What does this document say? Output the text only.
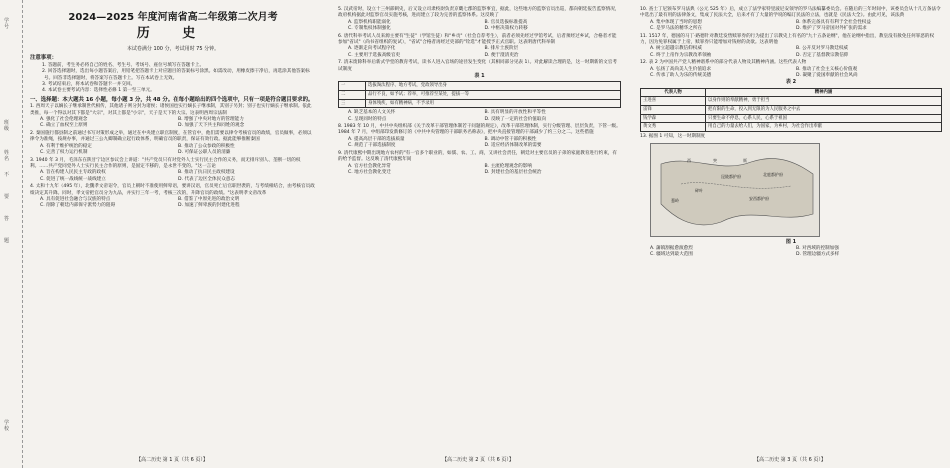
学号
班级
姓名
不
要
答
题
学校
2024—2025 年度河南省高二年级第二次月考
历 史
本试卷满分 100 分，考试用时 75 分钟。
注意事项：
1. 答题前，考生务必将自己的姓名、考生号、考场号、座位号填写在答题卡上。
2. 回答选择题时，选出每小题答案后，用铅笔把答题卡上对应题目的答案标号涂黑。如需改动，用橡皮擦干净后，再选涂其他答案标号。回答非选择题时，将答案写在答题卡上。写在本试卷上无效。
3. 考试结束后，将本试卷和答题卡一并交回。
4. 本试卷主要考试内容：选择性必修 1 第一至三单元。
一、选择题：本大题共 16 小题，每小题 3 分，共 48 分。在每小题给出的四个选项中，只有一项是符合题目要求的。
1. 西周天子以嫡长子继承制世代相传，其他诸子则分封为诸侯；诸侯国也实行嫡长子继承制，其别子另封；别子也实行嫡长子继承制。依此类推，每一个得以对其下都是"大宗"，对其上都是"小宗"，天子是天下的大宗。这表明西周宗法制
A. 强化了社会伦理观念	B. 增强了中央对地方的管理能力
C. 确立了血权至上原则	D. 加强了天下共主和同姓的观念
2. 秦国施行都县制之前通过书写对策形成之举，通过在中央建立职官制度，在管官中，他们需要以律令考核官员的政绩，官员做事，必须以律令为准绳，按规办事，并通过三公九卿制确立起行政体系，明确官员的职责，保证有效行政。据此能够推断秦国
A. 有利于维护统治的稳定	B. 推动了公众参政的积极性
C. 完善了权力运行机制	D. 可保证公职人员的清廉
3. 1940 年 3 月，毛泽东在陕甘宁边区参议会上讲道："共产党员只有对党外人士实行民主合作的义务，而无排斥别人、垄断一切的权利。……共产党同党外人士实行民主合作的原则，是固定不移的，是永世不变的。"这一言论
A. 旨在构建人民民主专政的政权	B. 推动了抗日民主政权建设
C. 促进了统一战线统一战线建立	D. 代表了边区全体民众意志
4. 太和十九年（495 年），北魏孝文帝诏令，官员上朝时不准使用鲜卑语，要讲汉语，官员死亡后官职世袭的，与考绩相结合，由考核官员政绩决定其升降。同时，孝文帝把官员分为九品，并实行三年一考，考核三次的，升降官员的政绩。"这表明孝文帝改革
A. 具有促进社会融合与汉族的特点	B. 借鉴了中原先进的政治文明
C. 削除了朝廷内部保守派势力的阻碍	D. 加速了鲜卑族的封建化进程
5. 汉武帝时，设立十三州部刺史，后又设立司隶校尉负责京畿七郡的监察事宜，据此，这些地方的监察官员出巡，都向朝廷报告监察情况，政府机构据此对监察官员实施考核，进而建立了较为完善的监察体系。这反映了
A. 监察机构职能弱化	B. 官员选拔标准提高
C. 专制集权体制强化	D. 中枢决策权力转移
6. 唐代科举考试人员来源主要有"生徒"（学馆生徒）和"乡贡"（社会自荐考生），前者必须先经过学馆考试，后者须经过乡试，合格者才能参加"省试"（尚书省组织的复试），"省试"合格者再经过吏部的"铨选"才能授予正式官职。这表明唐代科举制
A. 逐渐走向考试程序化	B. 排斥士族阶层
C. 主要用于选拔高级官吏	D. 便于澄清吏治
7. 清末废除科举后新式学堂的教育考试，读书人进入官场的途径发生变化（其相同部分见表 1）。对此解读合理的是，这一时期新的文官考试制度
表 1
一	选拔淘汰程序、地方考试，党政领导出身
二	品行不良，如予试；荐举，可推荐至某处，提拔一等
三	身体残疾，如有精神病，不予录用
A. 缺乏基本的人文关怀	B. 具有明显的开放性和平等性
C. 呈现同时的特点	D. 反映了一定的社会价值取向
8. 1983 年 10 月，中共中央组织部《关于改革干部管理体制若干问题的规定》，改革干部管理体制，实行分级管理、层层负责，下管一级。1984 年 7 月，中组部印发新修订的《中共中央管理的干部职务名称表》，把中央直接管理的干部减少了约三分之二。这些措施
A. 提高高层干部的选拔质量	B. 调动中管干部的积极性
C. 规范了干部选拔制度	D. 适应经济体制改革的需要
9. 清代康熙中期出现地方农村的"有一官多个职业的，如儒、农、工、商，又讲社会责任，朝廷对主要官员的子弟的家庭教育进行约束，有的给予监督。这反映了清代康熙年间
A. 官方社会教化异常	B. 主流伦理观念的影响
C. 地方社会教化变迁	D. 封建社会的基层社会统治
10. 查士丁尼颁布罗马法典（公元 525 年）后，成立了法学家特里波尼安领导的罗马法编纂委员会。在随后的三年时间中，该委员会从十几万条法令中选出了最有用的法律条文，集成了民法大全，后来才有了大量的学说的编订民法的立法，也就是《民法大全》。由此可见，该法典
A. 集中体现了当时的思想	B. 体系完备具有有利于全社会性权益
C. 是罗马法的精华之所在	D. 维护了罗马帝国对外扩张的需求
11. 1517 年，德国的马丁·路德针对教廷发售赎罪券的行为提出了宗教史上有名的"九十五条论纲"，他在论纲中指出，教皇没有赦免任何罪恶的权力，因为免罪权属于上帝，赎罪券只能增加对钱财的贪欲。这表明他
A. 树立超越宗教信仰权威	B. 公开反对罗马教廷权威
C. 终于上帝作为宗教改革领袖	D. 否定了基督教宗教信仰
12. 表 2 为中国共产党人精神谱系中的部分代表人物及其精神内涵。这些代表人物
A. 弘扬了高尚美人生价值追求	B. 推动了社会主义核心价值观
C. 传承了助人为乐的传统美德	D. 凝聚了爱国奉献的社会风尚
表 2
代表人物	精神内涵
王进喜	以身作则的奉献精神，勇于担当
雷锋	把有限的生命，投入到无限的为人民服务之中去
钱学森	只要生命不停息，心系人民，心系于祖国
黄文秀	用自己的力量去给人们，为国家，为乡村，为社会作出奉献
13. 据图 1 可知，这一时期制度
西	突	厥
葱岭
碎叶
安西都护府
北庭都护府
昆陵都护府
图 1
A. 藩镇割据愈演愈烈	B. 对西域的控制加强
C. 疆域达到最大范围	D. 管理边疆方式多样
【高二历史 第 1 页（共 6 页）】	【高二历史 第 2 页（共 6 页）】	【高二历史 第 3 页（共 6 页）】
